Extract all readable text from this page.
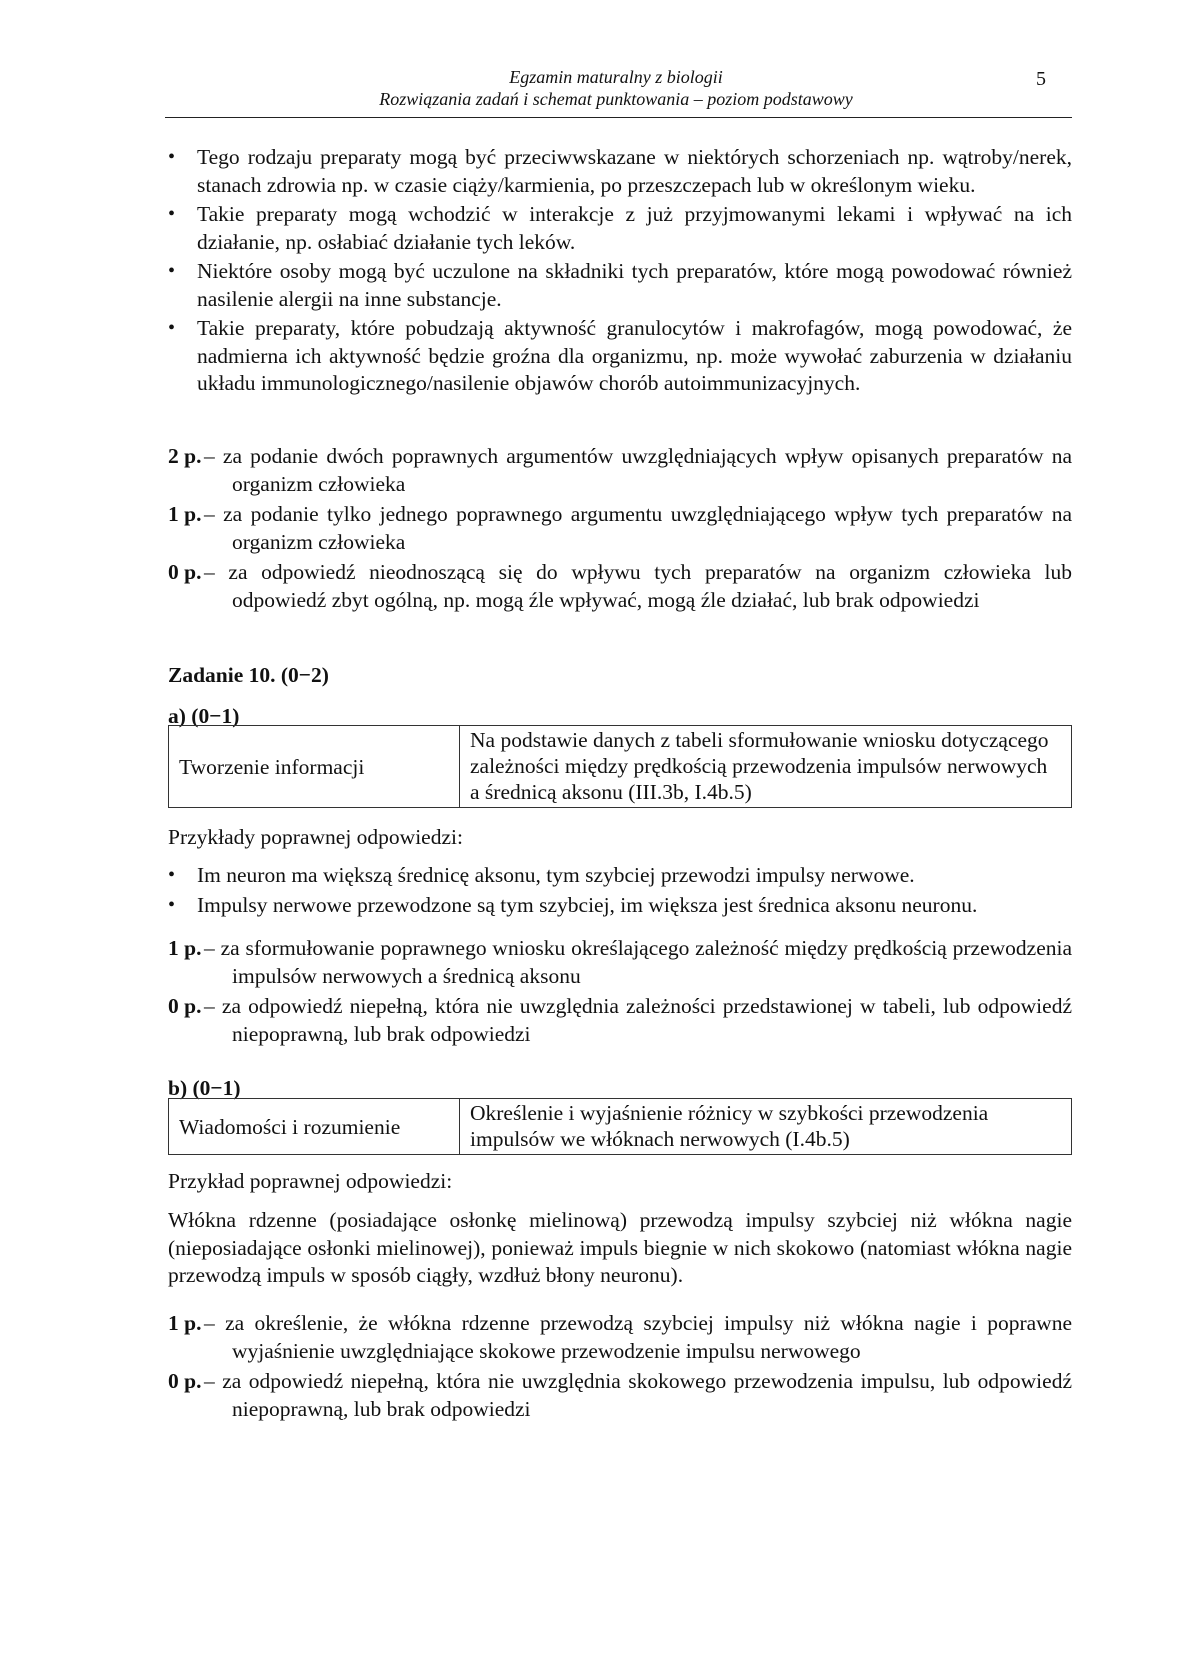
Egzamin maturalny z biologii
Rozwiązania zadań i schemat punktowania – poziom podstawowy
5
• Tego rodzaju preparaty mogą być przeciwwskazane w niektórych schorzeniach np. wątroby/nerek, stanach zdrowia np. w czasie ciąży/karmienia, po przeszczepach lub w określonym wieku.
• Takie preparaty mogą wchodzić w interakcje z już przyjmowanymi lekami i wpływać na ich działanie, np. osłabiać działanie tych leków.
• Niektóre osoby mogą być uczulone na składniki tych preparatów, które mogą powodować również nasilenie alergii na inne substancje.
• Takie preparaty, które pobudzają aktywność granulocytów i makrofagów, mogą powodować, że nadmierna ich aktywność będzie groźna dla organizmu, np. może wywołać zaburzenia w działaniu układu immunologicznego/nasilenie objawów chorób autoimmunizacyjnych.
2 p. – za podanie dwóch poprawnych argumentów uwzględniających wpływ opisanych preparatów na organizm człowieka
1 p. – za podanie tylko jednego poprawnego argumentu uwzględniającego wpływ tych preparatów na organizm człowieka
0 p. – za odpowiedź nieodnoszącą się do wpływu tych preparatów na organizm człowieka lub odpowiedź zbyt ogólną, np. mogą źle wpływać, mogą źle działać, lub brak odpowiedzi
Zadanie 10. (0−2)
a) (0−1)
Tworzenie informacji	Na podstawie danych z tabeli sformułowanie wniosku dotyczącego zależności między prędkością przewodzenia impulsów nerwowych a średnicą aksonu (III.3b, I.4b.5)
Przykłady poprawnej odpowiedzi:
• Im neuron ma większą średnicę aksonu, tym szybciej przewodzi impulsy nerwowe.
• Impulsy nerwowe przewodzone są tym szybciej, im większa jest średnica aksonu neuronu.
1 p. – za sformułowanie poprawnego wniosku określającego zależność między prędkością przewodzenia impulsów nerwowych a średnicą aksonu
0 p. – za odpowiedź niepełną, która nie uwzględnia zależności przedstawionej w tabeli, lub odpowiedź niepoprawną, lub brak odpowiedzi
b) (0−1)
Wiadomości i rozumienie	Określenie i wyjaśnienie różnicy w szybkości przewodzenia impulsów we włóknach nerwowych (I.4b.5)
Przykład poprawnej odpowiedzi:
Włókna rdzenne (posiadające osłonkę mielinową) przewodzą impulsy szybciej niż włókna nagie (nieposiadające osłonki mielinowej), ponieważ impuls biegnie w nich skokowo (natomiast włókna nagie przewodzą impuls w sposób ciągły, wzdłuż błony neuronu).
1 p. – za określenie, że włókna rdzenne przewodzą szybciej impulsy niż włókna nagie i poprawne wyjaśnienie uwzględniające skokowe przewodzenie impulsu nerwowego
0 p. – za odpowiedź niepełną, która nie uwzględnia skokowego przewodzenia impulsu, lub odpowiedź niepoprawną, lub brak odpowiedzi
